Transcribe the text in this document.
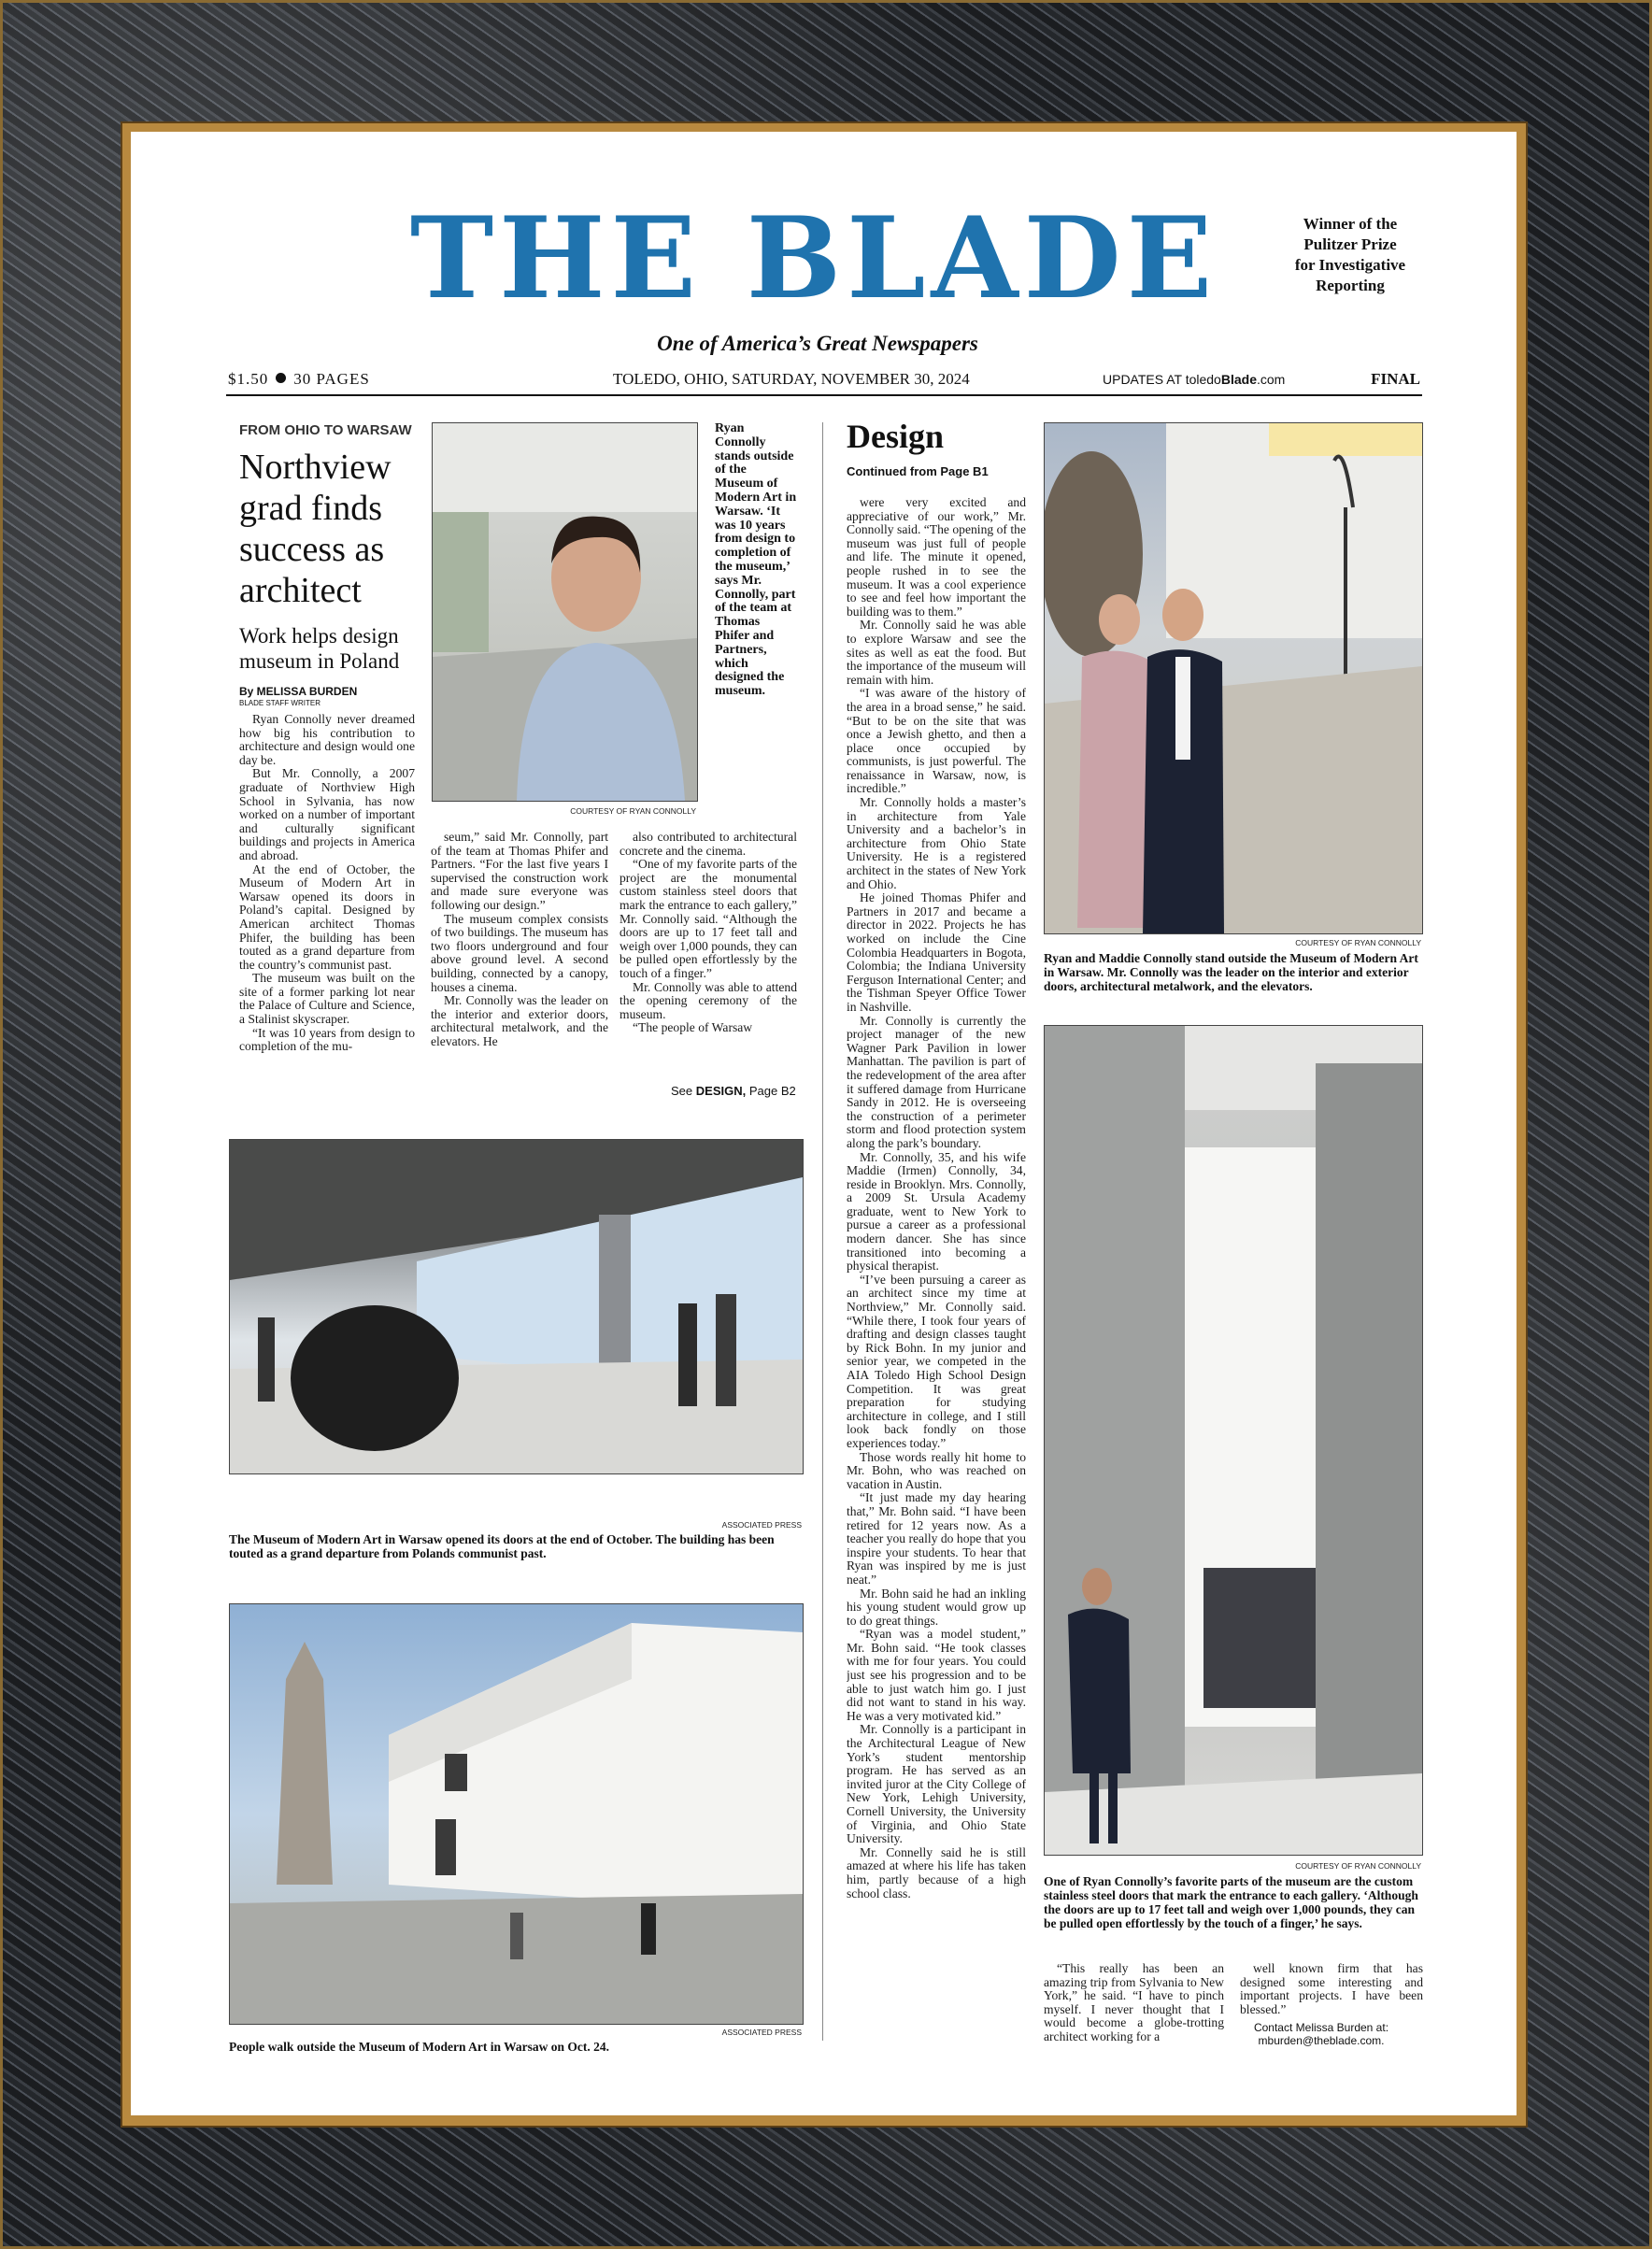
THE BLADE	Winner of the Pulitzer Prize for Investigative Reporting
One of America’s Great Newspapers
$1.50 30 PAGES	TOLEDO, OHIO, SATURDAY, NOVEMBER 30, 2024	UPDATES AT toledoBlade.com	FINAL
FROM OHIO TO WARSAW
Northview grad finds success as architect
Work helps design museum in Poland
By MELISSA BURDEN
BLADE STAFF WRITER

Ryan Connolly never dreamed how big his contribution to architecture and design would one day be.

But Mr. Connolly, a 2007 graduate of Northview High School in Sylvania, has now worked on a number of important and culturally significant buildings and projects in America and abroad.

At the end of October, the Museum of Modern Art in Warsaw opened its doors in Poland’s capital. Designed by American architect Thomas Phifer, the building has been touted as a grand departure from the country’s communist past.

The museum was built on the site of a former parking lot near the Palace of Culture and Science, a Stalinist skyscraper.

“It was 10 years from design to completion of the mu-

seum,” said Mr. Connolly, part of the team at Thomas Phifer and Partners. “For the last five years I supervised the construction work and made sure everyone was following our design.”

The museum complex consists of two buildings. The museum has two floors underground and four above ground level. A second building, connected by a canopy, houses a cinema.

Mr. Connolly was the leader on the interior and exterior doors, architectural metalwork, and the elevators. He

also contributed to architectural concrete and the cinema.

“One of my favorite parts of the project are the monumental custom stainless steel doors that mark the entrance to each gallery,” Mr. Connolly said. “Although the doors are up to 17 feet tall and weigh over 1,000 pounds, they can be pulled open effortlessly by the touch of a finger.”

Mr. Connolly was able to attend the opening ceremony of the museum.

“The people of Warsaw

See DESIGN, Page B2
COURTESY OF RYAN CONNOLLY
Ryan Connolly stands outside of the Museum of Modern Art in Warsaw. ‘It was 10 years from design to completion of the museum,’ says Mr. Connolly, part of the team at Thomas Phifer and Partners, which designed the museum.
ASSOCIATED PRESS
The Museum of Modern Art in Warsaw opened its doors at the end of October. The building has been touted as a grand departure from Polands communist past.
ASSOCIATED PRESS
People walk outside the Museum of Modern Art in Warsaw on Oct. 24.
Design
Continued from Page B1

were very excited and appreciative of our work,” Mr. Connolly said. “The opening of the museum was just full of people and life. The minute it opened, people rushed in to see the museum. It was a cool experience to see and feel how important the building was to them.”

Mr. Connolly said he was able to explore Warsaw and see the sites as well as eat the food. But the importance of the museum will remain with him.

“I was aware of the history of the area in a broad sense,” he said. “But to be on the site that was once a Jewish ghetto, and then a place once occupied by communists, is just powerful. The renaissance in Warsaw, now, is incredible.”

Mr. Connolly holds a master’s in architecture from Yale University and a bachelor’s in architecture from Ohio State University. He is a registered architect in the states of New York and Ohio.

He joined Thomas Phifer and Partners in 2017 and became a director in 2022. Projects he has worked on include the Cine Colombia Headquarters in Bogota, Colombia; the Indiana University Ferguson International Center; and the Tishman Speyer Office Tower in Nashville.

Mr. Connolly is currently the project manager of the new Wagner Park Pavilion in lower Manhattan. The pavilion is part of the redevelopment of the area after it suffered damage from Hurricane Sandy in 2012. He is overseeing the construction of a perimeter storm and flood protection system along the park’s boundary.

Mr. Connolly, 35, and his wife Maddie (Irmen) Connolly, 34, reside in Brooklyn. Mrs. Connolly, a 2009 St. Ursula Academy graduate, went to New York to pursue a career as a professional modern dancer. She has since transitioned into becoming a physical therapist.

“I’ve been pursuing a career as an architect since my time at Northview,” Mr. Connolly said. “While there, I took four years of drafting and design classes taught by Rick Bohn. In my junior and senior year, we competed in the AIA Toledo High School Design Competition. It was great preparation for studying architecture in college, and I still look back fondly on those experiences today.”

Those words really hit home to Mr. Bohn, who was reached on vacation in Austin.

“It just made my day hearing that,” Mr. Bohn said. “I have been retired for 12 years now. As a teacher you really do hope that you inspire your students. To hear that Ryan was inspired by me is just neat.”

Mr. Bohn said he had an inkling his young student would grow up to do great things.

“Ryan was a model student,” Mr. Bohn said. “He took classes with me for four years. You could just see his progression and to be able to just watch him go. I just did not want to stand in his way. He was a very motivated kid.”

Mr. Connolly is a participant in the Architectural League of New York’s student mentorship program. He has served as an invited juror at the City College of New York, Lehigh University, Cornell University, the University of Virginia, and Ohio State University.

Mr. Connelly said he is still amazed at where his life has taken him, partly because of a high school class.

COURTESY OF RYAN CONNOLLY
Ryan and Maddie Connolly stand outside the Museum of Modern Art in Warsaw. Mr. Connolly was the leader on the interior and exterior doors, architectural metalwork, and the elevators.
COURTESY OF RYAN CONNOLLY
One of Ryan Connolly’s favorite parts of the museum are the custom stainless steel doors that mark the entrance to each gallery. ‘Although the doors are up to 17 feet tall and weigh over 1,000 pounds, they can be pulled open effortlessly by the touch of a finger,’ he says.

“This really has been an amazing trip from Sylvania to New York,” he said. “I have to pinch myself. I never thought that I would become a globe-trotting architect working for a

well known firm that has designed some interesting and important projects. I have been blessed.”

Contact Melissa Burden at:
mburden@theblade.com.
